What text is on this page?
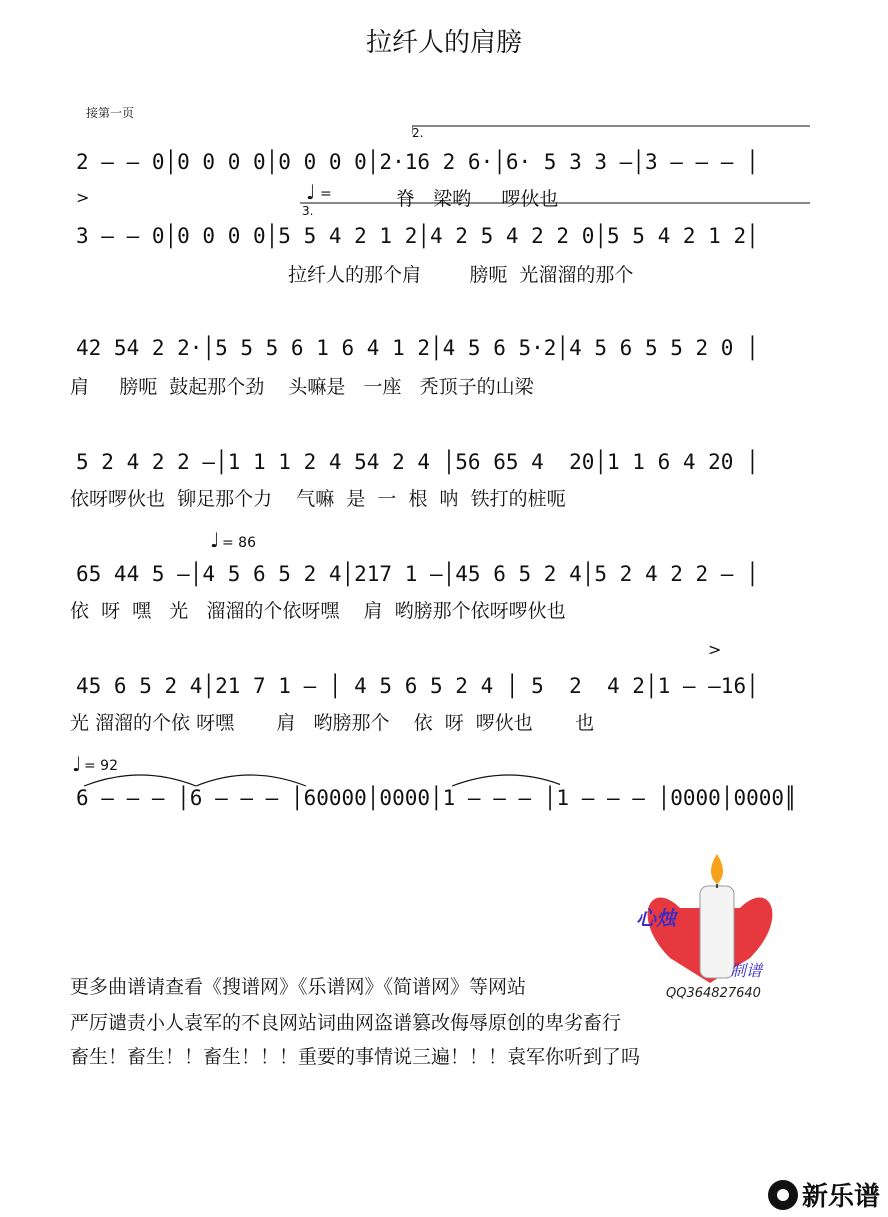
拉纤人的肩膀
接第一页
2.
2 – – 0│0 0 0 0│0 0 0 0│2·16 2 6·│6· 5 3 3 –│3 – – – │
>	♩ =	脊   梁哟     啰伙也
3.
3 – – 0│0 0 0 0│5 5 4 2 1 2│4 2 5 4 2 2 0│5 5 4 2 1 2│
拉纤人的那个肩        膀呃  光溜溜的那个
42 54 2 2·│5 5 5 6 1 6 4 1 2│4 5 6 5·2│4 5 6 5 5 2 0 │
肩     膀呃  鼓起那个劲    头嘛是   一座   秃顶子的山梁
5 2 4 2 2 –│1 1 1 2 4 54 2 4 │56 65 4  20│1 1 6 4 20 │
依呀啰伙也  铆足那个力    气嘛  是  一  根  呐  铁打的桩呃
♩ = 86
65 44 5 –│4 5 6 5 2 4│217 1 –│45 6 5 2 4│5 2 4 2 2 – │
依  呀  嘿   光   溜溜的个依呀嘿    肩  哟膀那个依呀啰伙也
>
45 6 5 2 4│21 7 1 – │ 4 5 6 5 2 4 │ 5  2  4 2│1 – –16│
光 溜溜的个依 呀嘿       肩   哟膀那个    依  呀  啰伙也       也
♩ = 92
6 – – – │6 – – – │60000│0000│1 – – – │1 – – – │0000│0000║
心烛
制谱
QQ364827640
更多曲谱请查看《搜谱网》《乐谱网》《简谱网》等网站
严厉谴责小人袁军的不良网站词曲网盗谱篡改侮辱原创的卑劣畜行
畜生！畜生！！畜生！！！重要的事情说三遍！！！袁军你听到了吗
新乐谱
